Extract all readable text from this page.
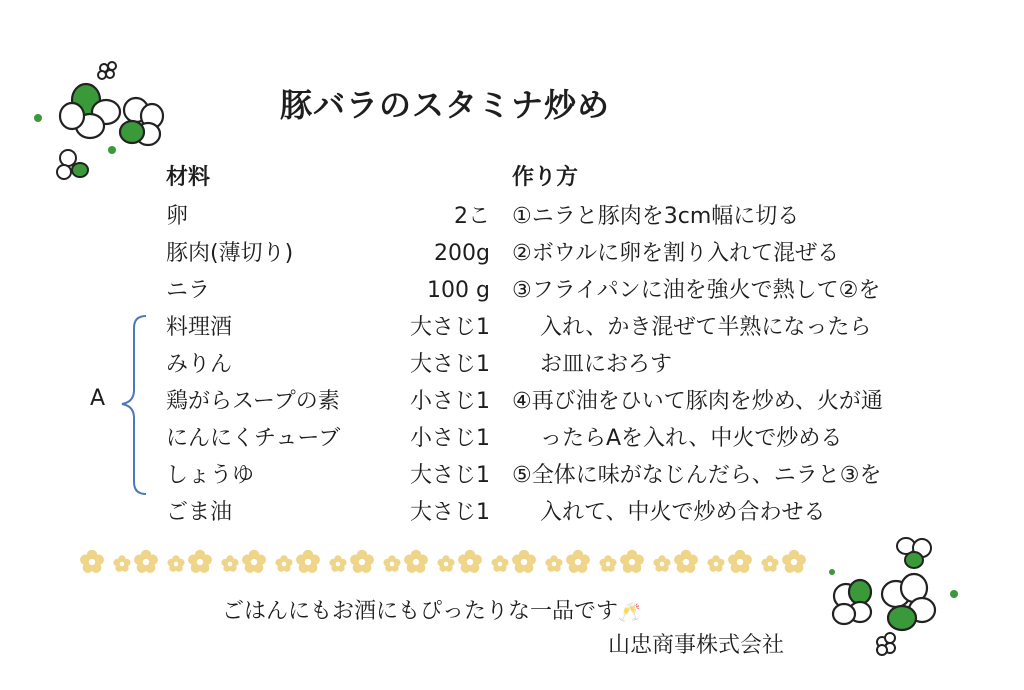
豚バラのスタミナ炒め
材料	作り方
卵
豚肉(薄切り)
ニラ
料理酒
みりん
鶏がらスープの素
にんにくチューブ
しょうゆ
ごま油
2こ
200g
100 g
大さじ1
大さじ1
小さじ1
小さじ1
大さじ1
大さじ1
A
①ニラと豚肉を3cm幅に切る
②ボウルに卵を割り入れて混ぜる
③フライパンに油を強火で熱して②を
入れ、かき混ぜて半熟になったら
お皿におろす
④再び油をひいて豚肉を炒め、火が通
ったらAを入れ、中火で炒める
⑤全体に味がなじんだら、ニラと③を
入れて、中火で炒め合わせる
ごはんにもお酒にもぴったりな一品です🥂
山忠商事株式会社
